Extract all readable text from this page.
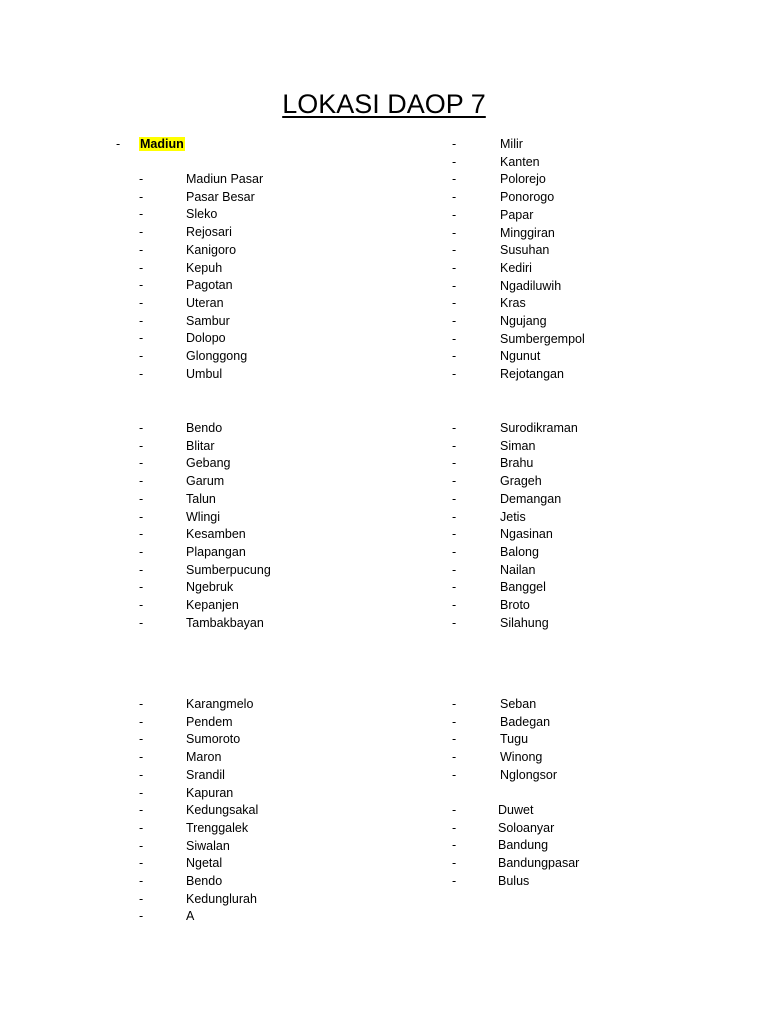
LOKASI DAOP 7
- Madiun
-	Madiun Pasar
-	Pasar Besar
-	Sleko
-	Rejosari
-	Kanigoro
-	Kepuh
-	Pagotan
-	Uteran
-	Sambur
-	Dolopo
-	Glonggong
-	Umbul
-	Bendo
-	Blitar
-	Gebang
-	Garum
-	Talun
-	Wlingi
-	Kesamben
-	Plapangan
-	Sumberpucung
-	Ngebruk
-	Kepanjen
-	Tambakbayan
-	Karangmelo
-	Pendem
-	Sumoroto
-	Maron
-	Srandil
-	Kapuran
-	Kedungsakal
-	Trenggalek
-	Siwalan
-	Ngetal
-	Bendo
-	Kedunglurah
-	A
-	Milir
-	Kanten
-	Polorejo
-	Ponorogo
-	Papar
-	Minggiran
-	Susuhan
-	Kediri
-	Ngadiluwih
-	Kras
-	Ngujang
-	Sumbergempol
-	Ngunut
-	Rejotangan
-	Surodikraman
-	Siman
-	Brahu
-	Grageh
-	Demangan
-	Jetis
-	Ngasinan
-	Balong
-	Nailan
-	Banggel
-	Broto
-	Silahung
-	Seban
-	Badegan
-	Tugu
-	Winong
-	Nglongsor
-	Duwet
-	Soloanyar
-	Bandung
-	Bandungpasar
-	Bulus
